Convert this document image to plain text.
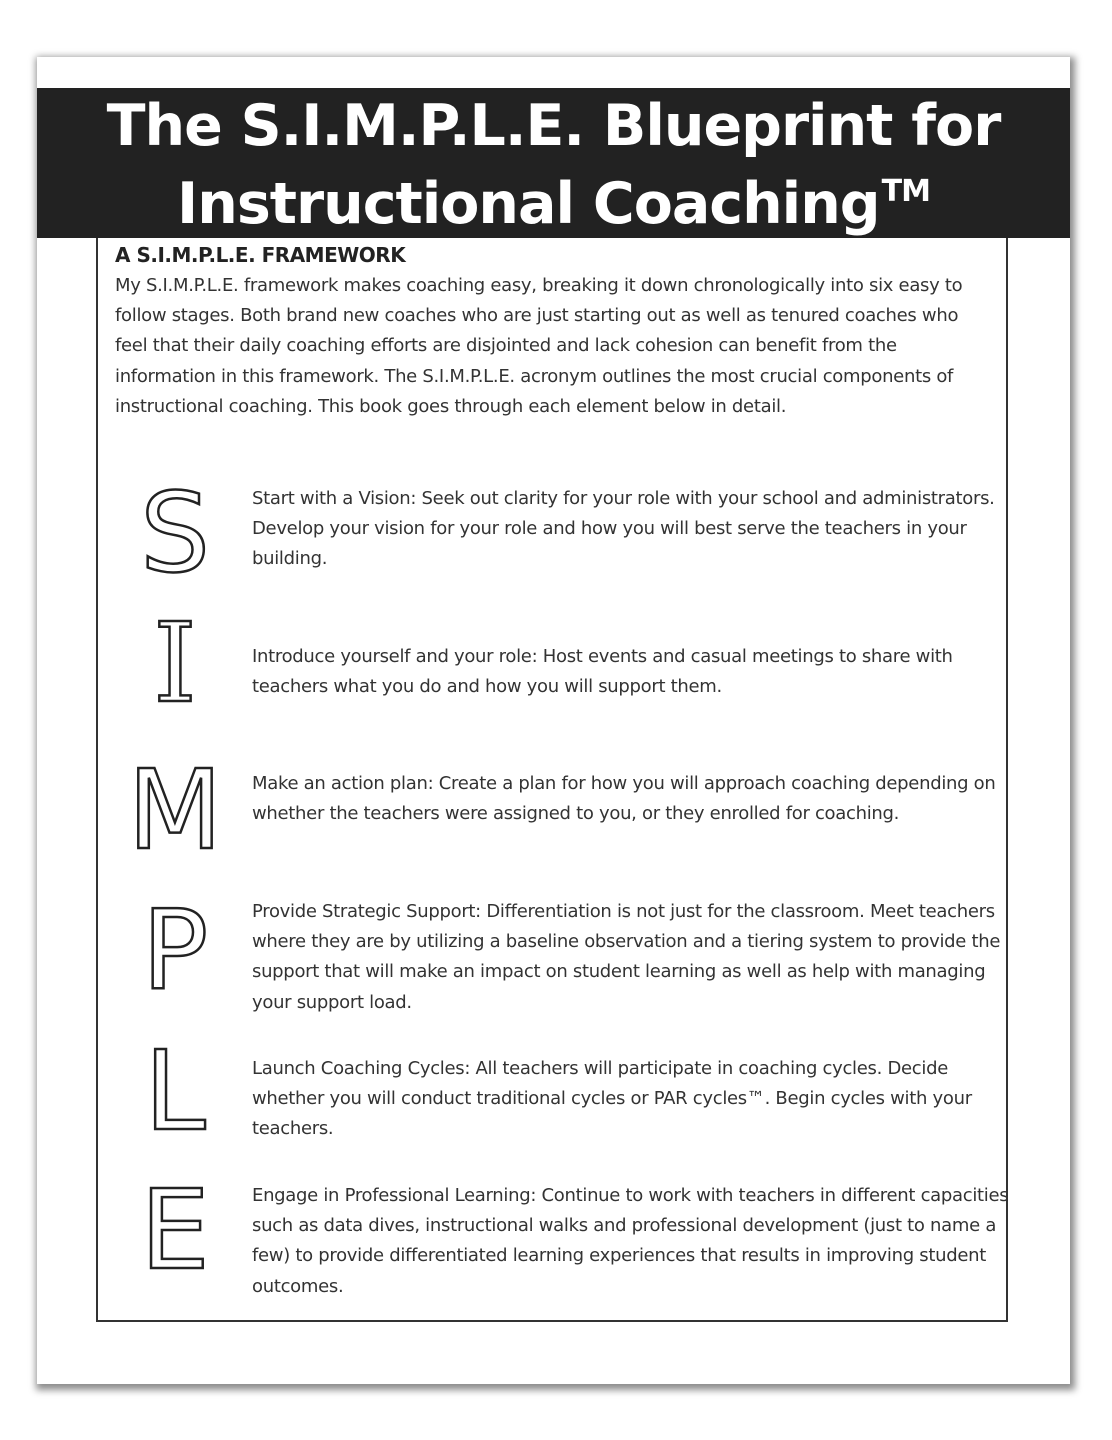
The S.I.M.P.L.E. Blueprint for
Instructional Coaching™
A S.I.M.P.L.E. FRAMEWORK

My S.I.M.P.L.E. framework makes coaching easy, breaking it down chronologically into six easy to follow stages. Both brand new coaches who are just starting out as well as tenured coaches who feel that their daily coaching efforts are disjointed and lack cohesion can benefit from the information in this framework. The S.I.M.P.L.E. acronym outlines the most crucial components of instructional coaching. This book goes through each element below in detail.

S	Start with a Vision: Seek out clarity for your role with your school and administrators. Develop your vision for your role and how you will best serve the teachers in your building.

I	Introduce yourself and your role: Host events and casual meetings to share with teachers what you do and how you will support them.

M	Make an action plan: Create a plan for how you will approach coaching depending on whether the teachers were assigned to you, or they enrolled for coaching.

P	Provide Strategic Support: Differentiation is not just for the classroom. Meet teachers where they are by utilizing a baseline observation and a tiering system to provide the support that will make an impact on student learning as well as help with managing your support load.

L	Launch Coaching Cycles: All teachers will participate in coaching cycles. Decide whether you will conduct traditional cycles or PAR cycles™. Begin cycles with your teachers.

E	Engage in Professional Learning: Continue to work with teachers in different capacities such as data dives, instructional walks and professional development (just to name a few) to provide differentiated learning experiences that results in improving student outcomes.
